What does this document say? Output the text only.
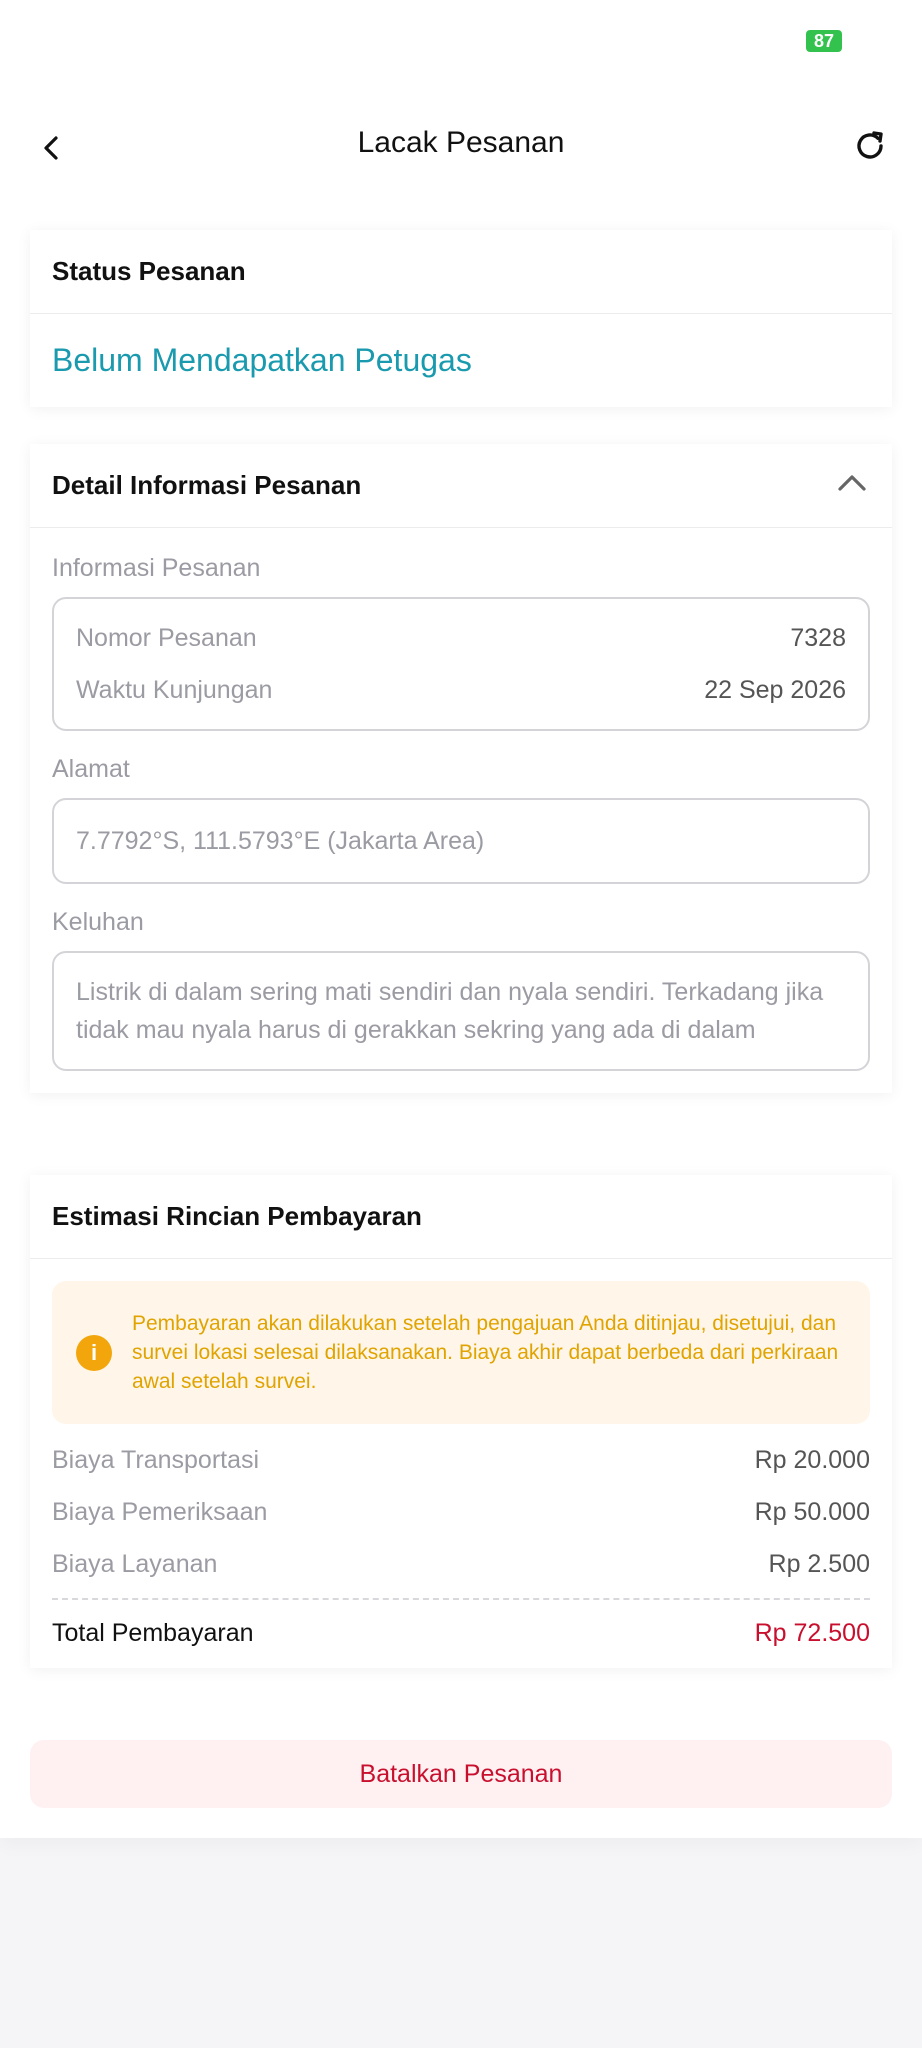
87
Lacak Pesanan
Status Pesanan
Belum Mendapatkan Petugas
Detail Informasi Pesanan
Informasi Pesanan
Nomor Pesanan	7328
Waktu Kunjungan	22 Sep 2026
Alamat
7.7792°S, 111.5793°E (Jakarta Area)
Keluhan
Listrik di dalam sering mati sendiri dan nyala sendiri. Terkadang jika tidak mau nyala harus di gerakkan sekring yang ada di dalam
Estimasi Rincian Pembayaran
i
Pembayaran akan dilakukan setelah pengajuan Anda ditinjau, disetujui, dan survei lokasi selesai dilaksanakan. Biaya akhir dapat berbeda dari perkiraan awal setelah survei.
Biaya Transportasi	Rp 20.000
Biaya Pemeriksaan	Rp 50.000
Biaya Layanan	Rp 2.500
Total Pembayaran	Rp 72.500
Batalkan Pesanan
